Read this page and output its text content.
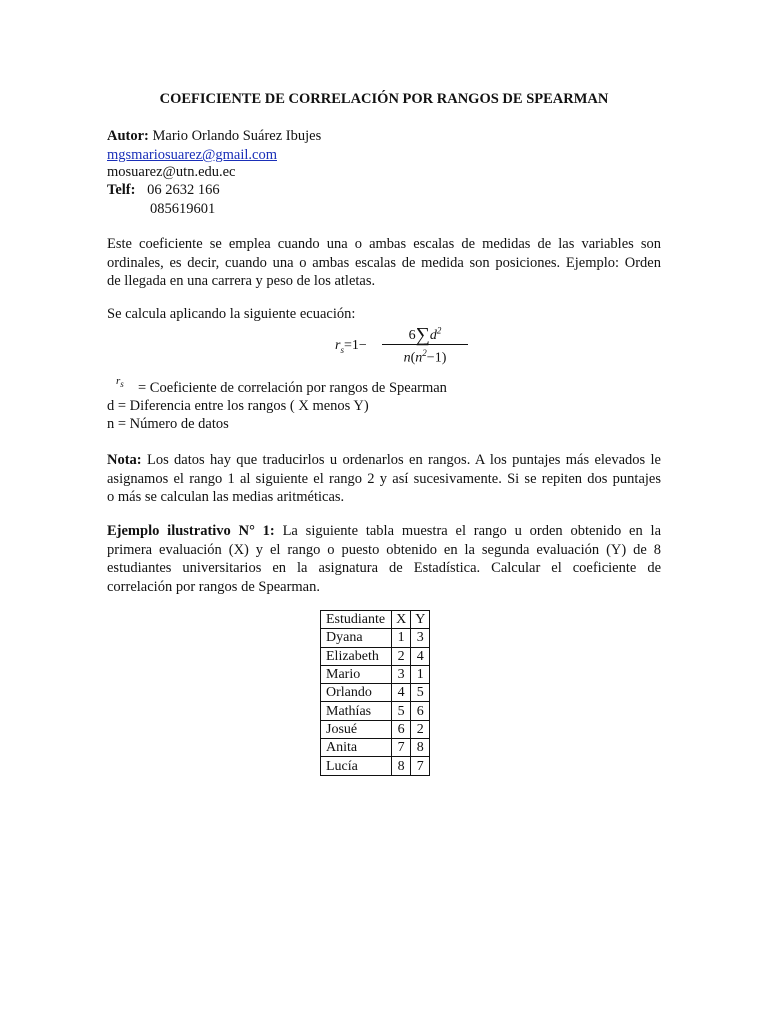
COEFICIENTE DE CORRELACIÓN POR RANGOS DE SPEARMAN
Autor: Mario Orlando Suárez Ibujes
mgsmariosuarez@gmail.com
mosuarez@utn.edu.ec
Telf: 06 2632 166
085619601
Este coeficiente se emplea cuando una o ambas escalas de medidas de las variables son
ordinales, es decir, cuando una o ambas escalas de medida son posiciones. Ejemplo: Orden
de llegada en una carrera y peso de los atletas.
Se calcula aplicando la siguiente ecuación:
$r_s=1-$
$6\sum d^2$
$n(n^2-1)$
$r_s$ = Coeficiente de correlación por rangos de Spearman
d = Diferencia entre los rangos ( X menos Y)
n = Número de datos
Nota: Los datos hay que traducirlos u ordenarlos en rangos. A los puntajes más elevados le
asignamos el rango 1 al siguiente el rango 2 y así sucesivamente. Si se repiten dos puntajes
o más se calculan las medias aritméticas.
Ejemplo ilustrativo N° 1: La siguiente tabla muestra el rango u orden obtenido en la
primera evaluación (X) y el rango o puesto obtenido en la segunda evaluación (Y) de 8
estudiantes universitarios en la asignatura de Estadística. Calcular el coeficiente de
correlación por rangos de Spearman.
Estudiante	X	Y
Dyana	1	3
Elizabeth	2	4
Mario	3	1
Orlando	4	5
Mathías	5	6
Josué	6	2
Anita	7	8
Lucía	8	7
